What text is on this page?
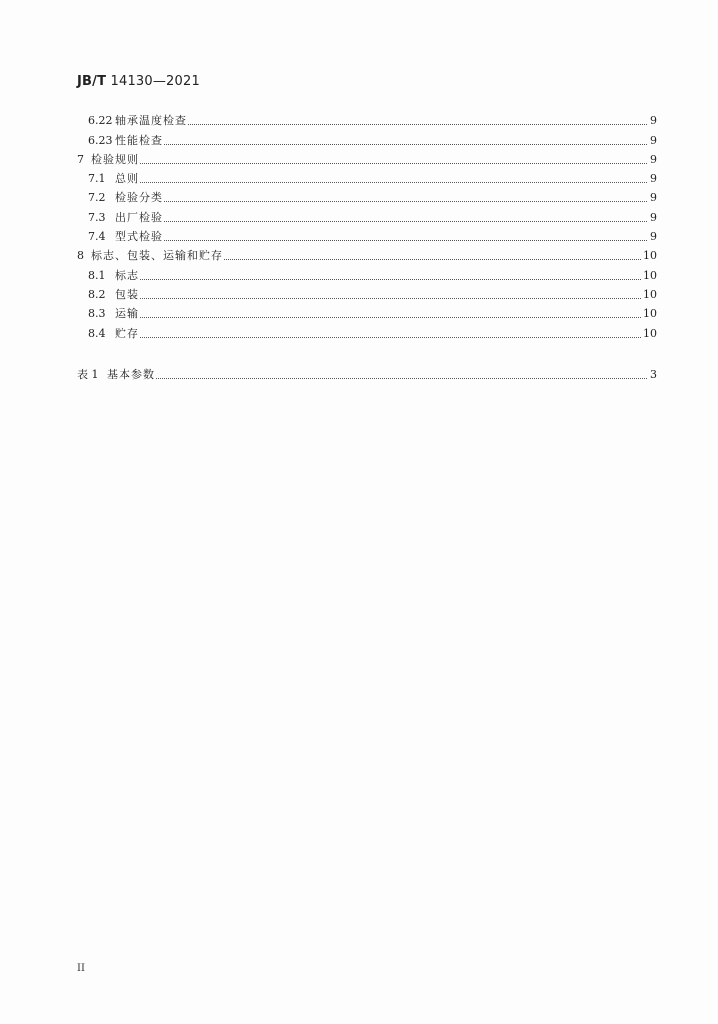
JB/T 14130—2021
6.22 轴承温度检查	9
6.23 性能检查	9
7 检验规则	9
7.1 总则	9
7.2 检验分类	9
7.3 出厂检验	9
7.4 型式检验	9
8 标志、包装、运输和贮存	10
8.1 标志	10
8.2 包装	10
8.3 运输	10
8.4 贮存	10
表 1 基本参数	3
II
